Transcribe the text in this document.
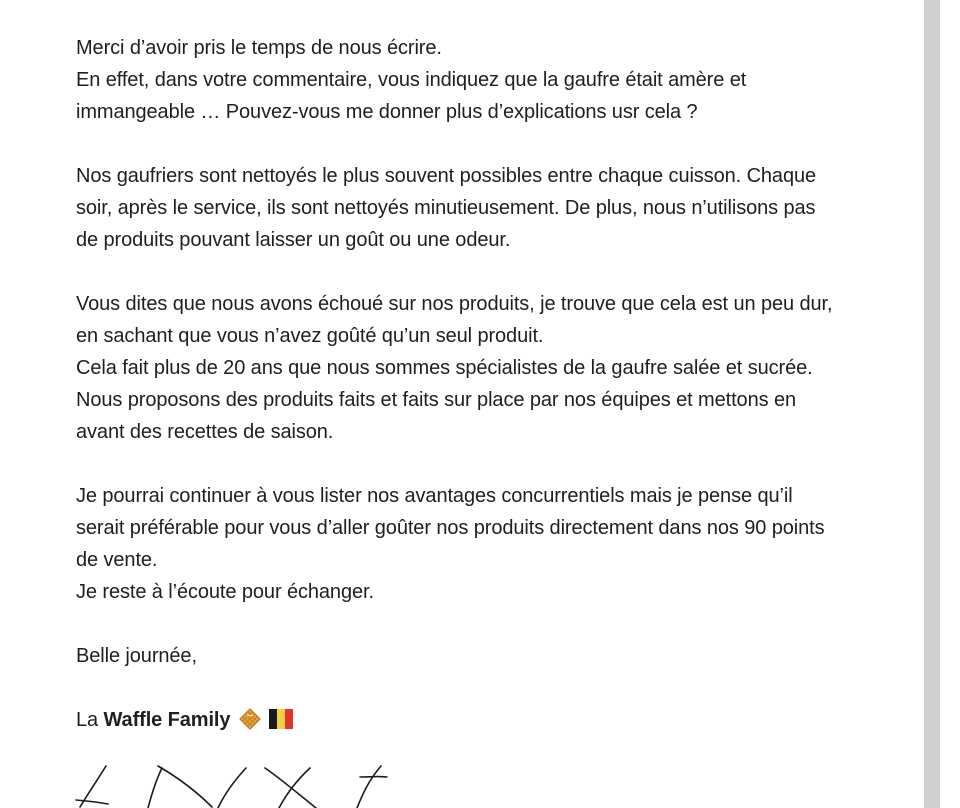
Merci d’avoir pris le temps de nous écrire.
En effet, dans votre commentaire, vous indiquez que la gaufre était amère et
immangeable … Pouvez-vous me donner plus d’explications usr cela ?

Nos gaufriers sont nettoyés le plus souvent possibles entre chaque cuisson. Chaque
soir, après le service, ils sont nettoyés minutieusement. De plus, nous n’utilisons pas
de produits pouvant laisser un goût ou une odeur.

Vous dites que nous avons échoué sur nos produits, je trouve que cela est un peu dur,
en sachant que vous n’avez goûté qu’un seul produit.
Cela fait plus de 20 ans que nous sommes spécialistes de la gaufre salée et sucrée.
Nous proposons des produits faits et faits sur place par nos équipes et mettons en
avant des recettes de saison.

Je pourrai continuer à vous lister nos avantages concurrentiels mais je pense qu’il
serait préférable pour vous d’aller goûter nos produits directement dans nos 90 points
de vente.
Je reste à l’écoute pour échanger.

Belle journée,

La Waffle Family
